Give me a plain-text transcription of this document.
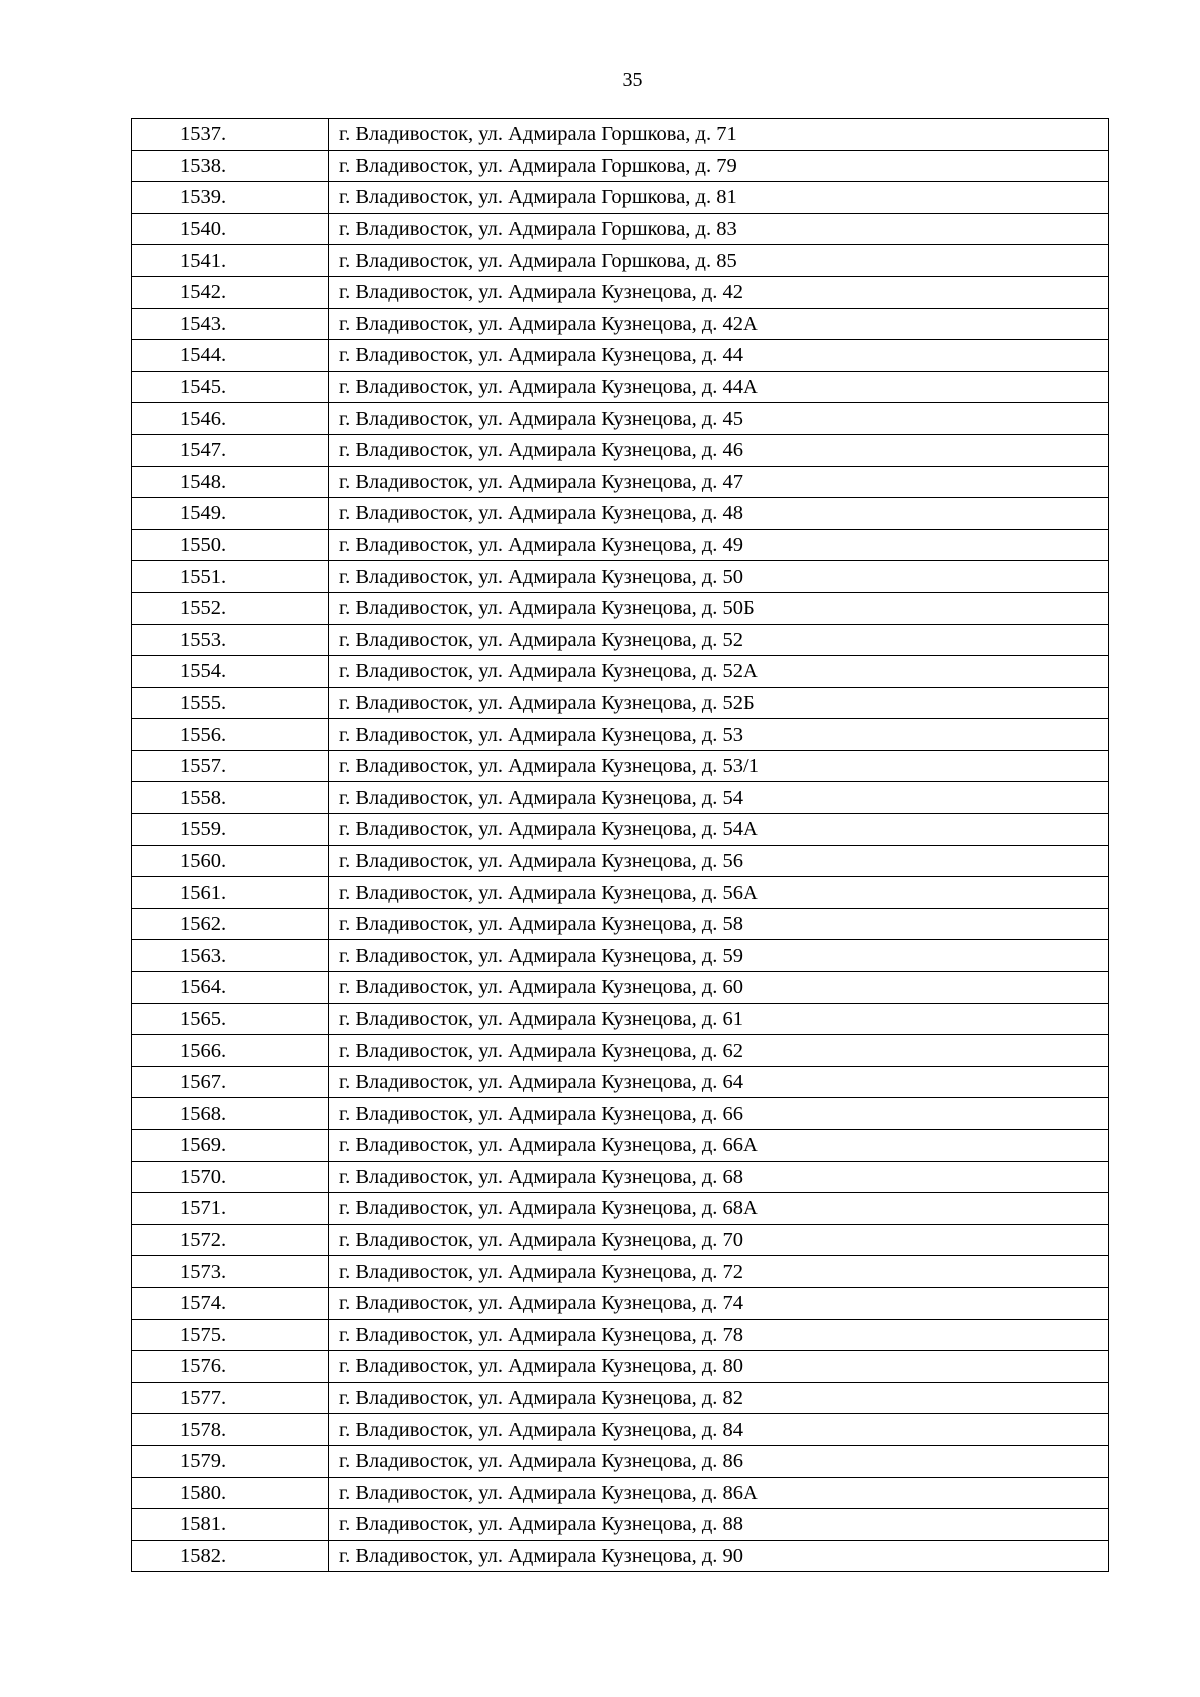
35
1537.	г. Владивосток, ул. Адмирала Горшкова, д. 71
1538.	г. Владивосток, ул. Адмирала Горшкова, д. 79
1539.	г. Владивосток, ул. Адмирала Горшкова, д. 81
1540.	г. Владивосток, ул. Адмирала Горшкова, д. 83
1541.	г. Владивосток, ул. Адмирала Горшкова, д. 85
1542.	г. Владивосток, ул. Адмирала Кузнецова, д. 42
1543.	г. Владивосток, ул. Адмирала Кузнецова, д. 42А
1544.	г. Владивосток, ул. Адмирала Кузнецова, д. 44
1545.	г. Владивосток, ул. Адмирала Кузнецова, д. 44А
1546.	г. Владивосток, ул. Адмирала Кузнецова, д. 45
1547.	г. Владивосток, ул. Адмирала Кузнецова, д. 46
1548.	г. Владивосток, ул. Адмирала Кузнецова, д. 47
1549.	г. Владивосток, ул. Адмирала Кузнецова, д. 48
1550.	г. Владивосток, ул. Адмирала Кузнецова, д. 49
1551.	г. Владивосток, ул. Адмирала Кузнецова, д. 50
1552.	г. Владивосток, ул. Адмирала Кузнецова, д. 50Б
1553.	г. Владивосток, ул. Адмирала Кузнецова, д. 52
1554.	г. Владивосток, ул. Адмирала Кузнецова, д. 52А
1555.	г. Владивосток, ул. Адмирала Кузнецова, д. 52Б
1556.	г. Владивосток, ул. Адмирала Кузнецова, д. 53
1557.	г. Владивосток, ул. Адмирала Кузнецова, д. 53/1
1558.	г. Владивосток, ул. Адмирала Кузнецова, д. 54
1559.	г. Владивосток, ул. Адмирала Кузнецова, д. 54А
1560.	г. Владивосток, ул. Адмирала Кузнецова, д. 56
1561.	г. Владивосток, ул. Адмирала Кузнецова, д. 56А
1562.	г. Владивосток, ул. Адмирала Кузнецова, д. 58
1563.	г. Владивосток, ул. Адмирала Кузнецова, д. 59
1564.	г. Владивосток, ул. Адмирала Кузнецова, д. 60
1565.	г. Владивосток, ул. Адмирала Кузнецова, д. 61
1566.	г. Владивосток, ул. Адмирала Кузнецова, д. 62
1567.	г. Владивосток, ул. Адмирала Кузнецова, д. 64
1568.	г. Владивосток, ул. Адмирала Кузнецова, д. 66
1569.	г. Владивосток, ул. Адмирала Кузнецова, д. 66А
1570.	г. Владивосток, ул. Адмирала Кузнецова, д. 68
1571.	г. Владивосток, ул. Адмирала Кузнецова, д. 68А
1572.	г. Владивосток, ул. Адмирала Кузнецова, д. 70
1573.	г. Владивосток, ул. Адмирала Кузнецова, д. 72
1574.	г. Владивосток, ул. Адмирала Кузнецова, д. 74
1575.	г. Владивосток, ул. Адмирала Кузнецова, д. 78
1576.	г. Владивосток, ул. Адмирала Кузнецова, д. 80
1577.	г. Владивосток, ул. Адмирала Кузнецова, д. 82
1578.	г. Владивосток, ул. Адмирала Кузнецова, д. 84
1579.	г. Владивосток, ул. Адмирала Кузнецова, д. 86
1580.	г. Владивосток, ул. Адмирала Кузнецова, д. 86А
1581.	г. Владивосток, ул. Адмирала Кузнецова, д. 88
1582.	г. Владивосток, ул. Адмирала Кузнецова, д. 90
